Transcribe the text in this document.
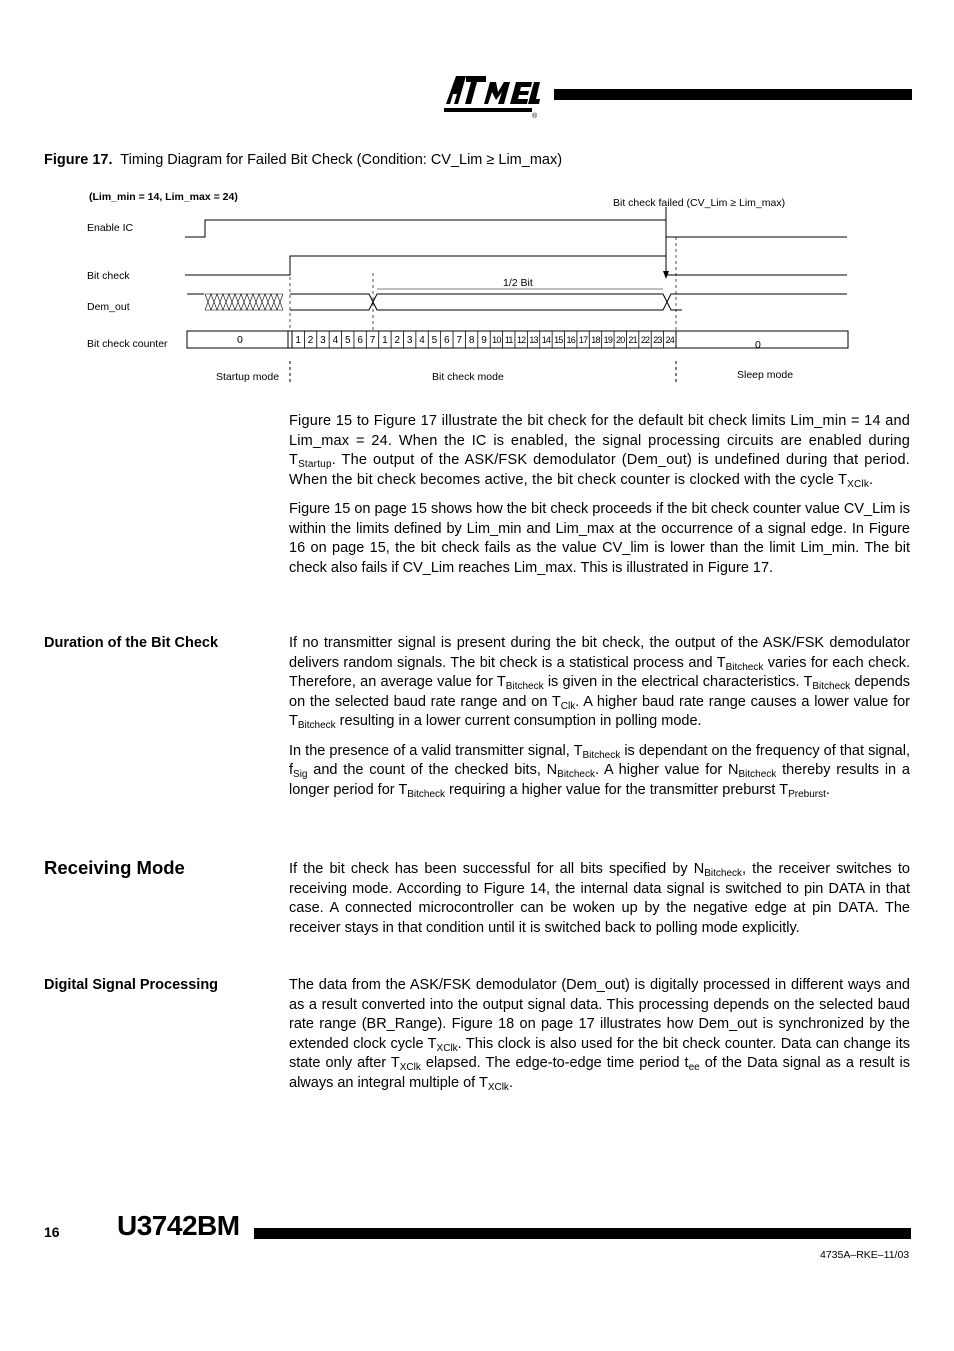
®
Figure 17. Timing Diagram for Failed Bit Check (Condition: CV_Lim ≥ Lim_max)
(Lim_min = 14, Lim_max = 24)	Bit check failed (CV_Lim ≥ Lim_max)
Enable IC
Bit check
Dem_out
Bit check counter
1/2 Bit
Startup mode	Bit check mode	Sleep mode
0	0
1 2 3 4 5 6 7 1 2 3 4 5 6 7 8 9 10 11 12 13 14 15 16 17 18 19 20 21 22 23 24

Figure 15 to Figure 17 illustrate the bit check for the default bit check limits Lim_min = 14 and Lim_max = 24. When the IC is enabled, the signal processing circuits are enabled during $T_{Startup}$. The output of the ASK/FSK demodulator (Dem_out) is undefined during that period. When the bit check becomes active, the bit check counter is clocked with the cycle $T_{XClk}$.

Figure 15 on page 15 shows how the bit check proceeds if the bit check counter value CV_Lim is within the limits defined by Lim_min and Lim_max at the occurrence of a signal edge. In Figure 16 on page 15, the bit check fails as the value CV_lim is lower than the limit Lim_min. The bit check also fails if CV_Lim reaches Lim_max. This is illustrated in Figure 17.

Duration of the Bit Check	If no transmitter signal is present during the bit check, the output of the ASK/FSK demodulator delivers random signals. The bit check is a statistical process and $T_{Bitcheck}$ varies for each check. Therefore, an average value for $T_{Bitcheck}$ is given in the electrical characteristics. $T_{Bitcheck}$ depends on the selected baud rate range and on $T_{Clk}$. A higher baud rate range causes a lower value for $T_{Bitcheck}$ resulting in a lower current consumption in polling mode.

In the presence of a valid transmitter signal, $T_{Bitcheck}$ is dependant on the frequency of that signal, $f_{Sig}$ and the count of the checked bits, $N_{Bitcheck}$. A higher value for $N_{Bitcheck}$ thereby results in a longer period for $T_{Bitcheck}$ requiring a higher value for the transmitter preburst $T_{Preburst}$.

Receiving Mode	If the bit check has been successful for all bits specified by $N_{Bitcheck}$, the receiver switches to receiving mode. According to Figure 14, the internal data signal is switched to pin DATA in that case. A connected microcontroller can be woken up by the negative edge at pin DATA. The receiver stays in that condition until it is switched back to polling mode explicitly.

Digital Signal Processing	The data from the ASK/FSK demodulator (Dem_out) is digitally processed in different ways and as a result converted into the output signal data. This processing depends on the selected baud rate range (BR_Range). Figure 18 on page 17 illustrates how Dem_out is synchronized by the extended clock cycle $T_{XClk}$. This clock is also used for the bit check counter. Data can change its state only after $T_{XClk}$ elapsed. The edge-to-edge time period $t_{ee}$ of the Data signal as a result is always an integral multiple of $T_{XClk}$.

16 U3742BM
4735A–RKE–11/03
